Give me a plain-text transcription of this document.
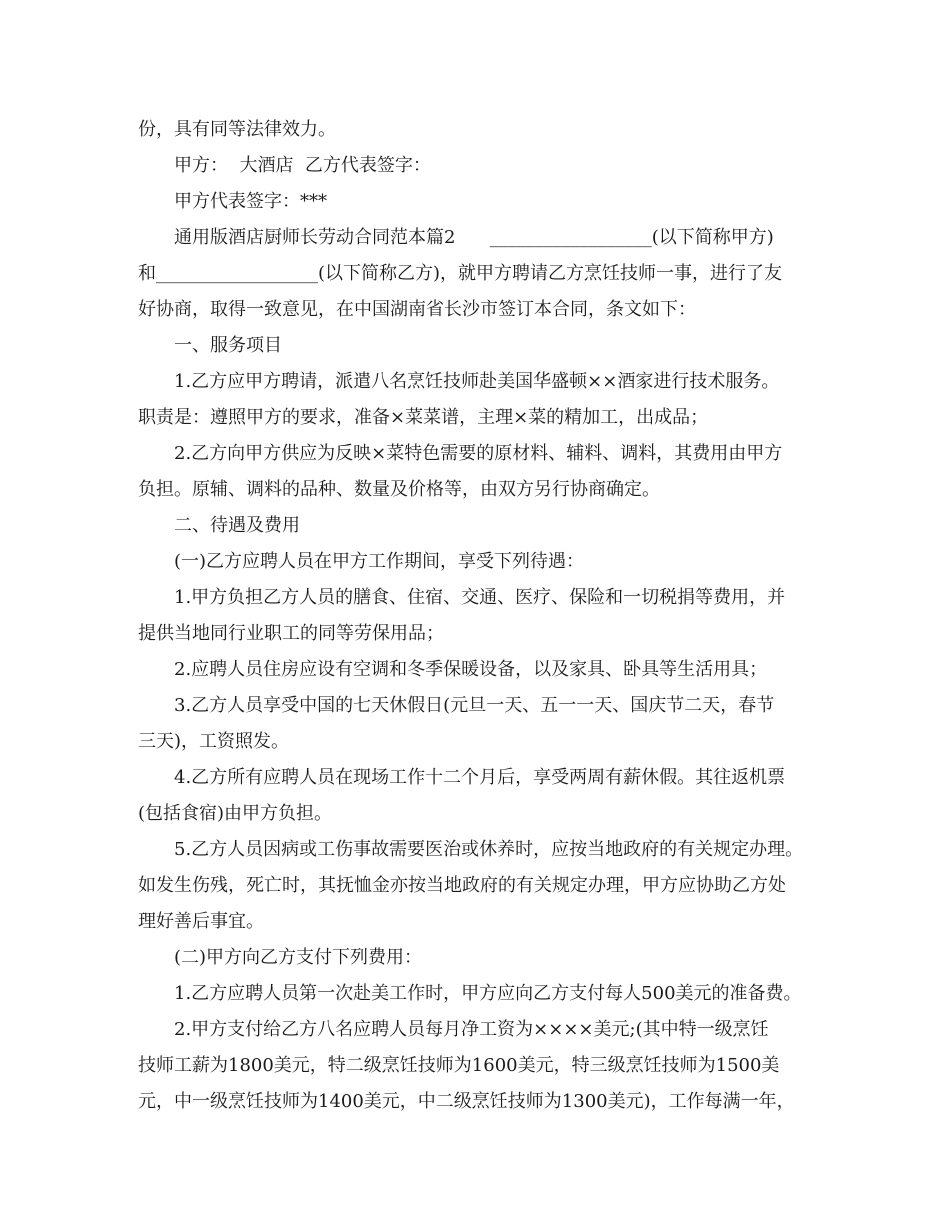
份，具有同等法律效力。
甲方：  大酒店  乙方代表签字：
甲方代表签字：***
通用版酒店厨师长劳动合同范本篇2      __________________(以下简称甲方)
和__________________(以下简称乙方)，就甲方聘请乙方烹饪技师一事，进行了友
好协商，取得一致意见，在中国湖南省长沙市签订本合同，条文如下：
一、服务项目
1.乙方应甲方聘请，派遣八名烹饪技师赴美国华盛顿××酒家进行技术服务。
职责是：遵照甲方的要求，准备×菜菜谱，主理×菜的精加工，出成品；
2.乙方向甲方供应为反映×菜特色需要的原材料、辅料、调料，其费用由甲方
负担。原辅、调料的品种、数量及价格等，由双方另行协商确定。
二、待遇及费用
(一)乙方应聘人员在甲方工作期间，享受下列待遇：
1.甲方负担乙方人员的膳食、住宿、交通、医疗、保险和一切税捐等费用，并
提供当地同行业职工的同等劳保用品；
2.应聘人员住房应设有空调和冬季保暖设备，以及家具、卧具等生活用具；
3.乙方人员享受中国的七天休假日(元旦一天、五一一天、国庆节二天，春节
三天)，工资照发。
4.乙方所有应聘人员在现场工作十二个月后，享受两周有薪休假。其往返机票
(包括食宿)由甲方负担。
5.乙方人员因病或工伤事故需要医治或休养时，应按当地政府的有关规定办理。
如发生伤残，死亡时，其抚恤金亦按当地政府的有关规定办理，甲方应协助乙方处
理好善后事宜。
(二)甲方向乙方支付下列费用：
1.乙方应聘人员第一次赴美工作时，甲方应向乙方支付每人500美元的准备费。
2.甲方支付给乙方八名应聘人员每月净工资为××××美元;(其中特一级烹饪
技师工薪为1800美元，特二级烹饪技师为1600美元，特三级烹饪技师为1500美
元，中一级烹饪技师为1400美元，中二级烹饪技师为1300美元)，工作每满一年，
